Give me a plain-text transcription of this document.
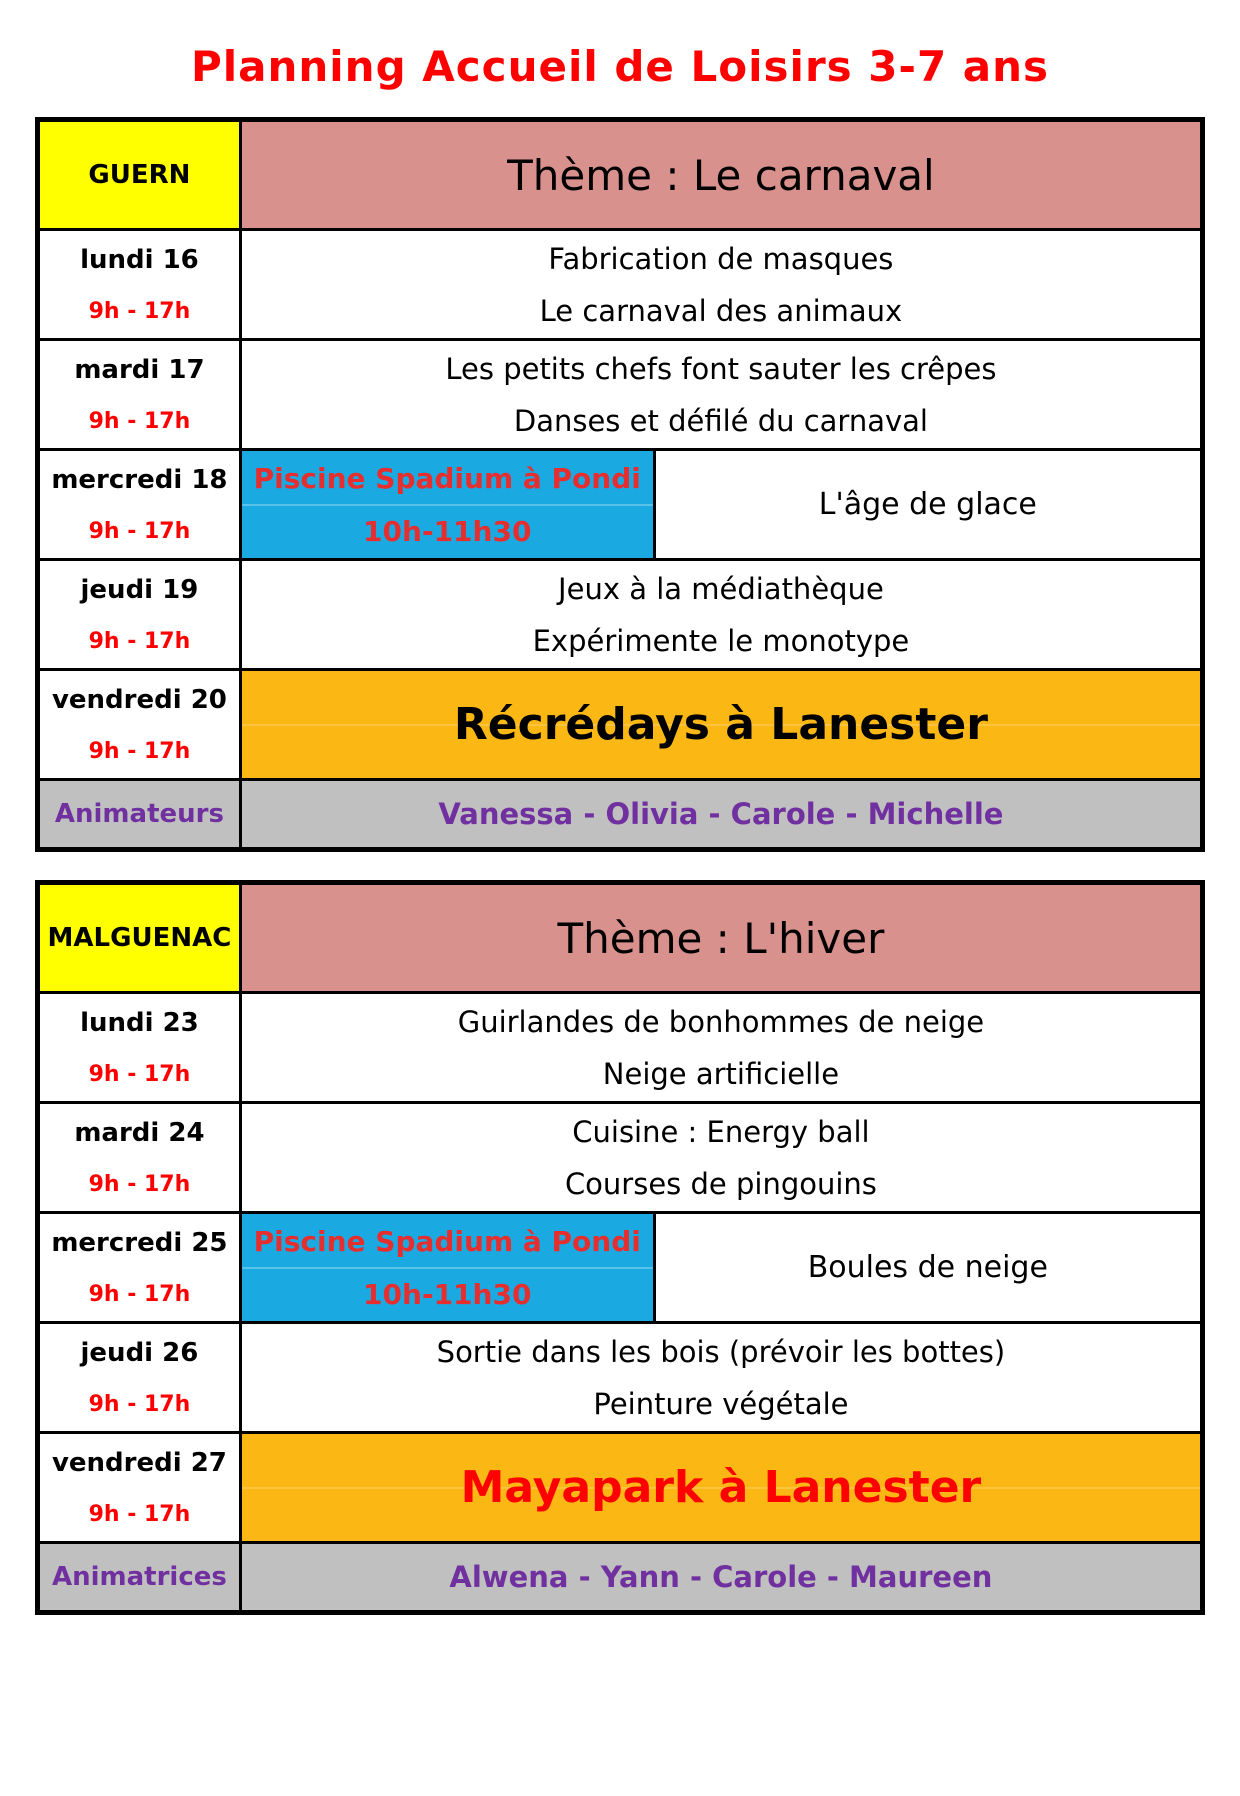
Planning Accueil de Loisirs 3-7 ans
GUERN	Thème : Le carnaval	

lundi 16
9h - 17h

Fabrication de masques
Le carnaval des animaux

mardi 17
9h - 17h

Les petits chefs font sauter les crêpes
Danses et défilé du carnaval

mercredi 18
9h - 17h

Piscine Spadium à Pondi
10h-11h30
	L'âge de glace

jeudi 19
9h - 17h

Jeux à la médiathèque
Expérimente le monotype

vendredi 20
9h - 17h	Récrédays à Lanester	
Animateurs	Vanessa - Olivia - Carole - Michelle	
MALGUENAC	Thème : L'hiver	

lundi 23
9h - 17h

Guirlandes de bonhommes de neige
Neige artificielle

mardi 24
9h - 17h

Cuisine : Energy ball
Courses de pingouins

mercredi 25
9h - 17h

Piscine Spadium à Pondi
10h-11h30
	Boules de neige

jeudi 26
9h - 17h

Sortie dans les bois (prévoir les bottes)
Peinture végétale

vendredi 27
9h - 17h	Mayapark à Lanester	
Animatrices	Alwena - Yann - Carole - Maureen	
